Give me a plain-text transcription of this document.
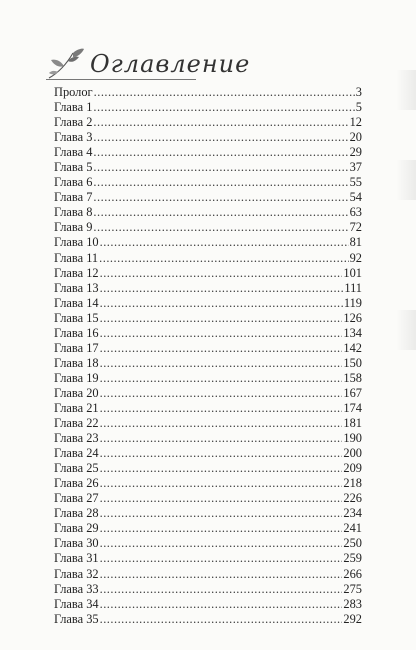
Оглавление
Пролог .....	3
Глава 1 .....	5
Глава 2 .....	12
Глава 3 .....	20
Глава 4 .....	29
Глава 5 .....	37
Глава 6 .....	55
Глава 7 .....	54
Глава 8 .....	63
Глава 9 .....	72
Глава 10 .....	81
Глава 11 .....	92
Глава 12 .....	101
Глава 13 .....	111
Глава 14 .....	119
Глава 15 .....	126
Глава 16 .....	134
Глава 17 .....	142
Глава 18 .....	150
Глава 19 .....	158
Глава 20 .....	167
Глава 21 .....	174
Глава 22 .....	181
Глава 23 .....	190
Глава 24 .....	200
Глава 25 .....	209
Глава 26 .....	218
Глава 27 .....	226
Глава 28 .....	234
Глава 29 .....	241
Глава 30 .....	250
Глава 31 .....	259
Глава 32 .....	266
Глава 33 .....	275
Глава 34 .....	283
Глава 35 .....	292
